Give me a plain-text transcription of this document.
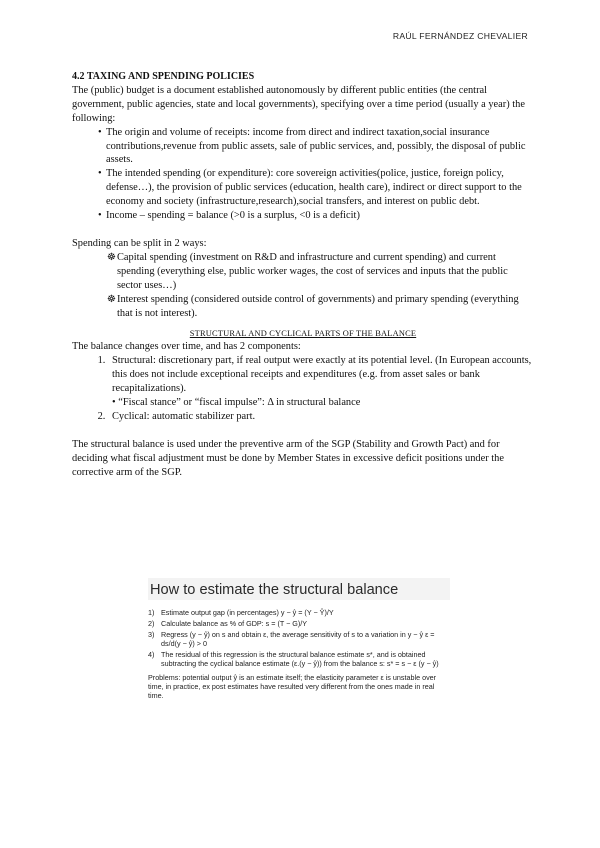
RAÚL FERNÁNDEZ CHEVALIER

4.2 TAXING AND SPENDING POLICIES

The (public) budget is a document established autonomously by different public entities (the central government, public agencies, state and local governments), specifying over a time period (usually a year) the following:

• The origin and volume of receipts: income from direct and indirect taxation,social insurance contributions,revenue from public assets, sale of public services, and, possibly, the disposal of public assets.
• The intended spending (or expenditure): core sovereign activities(police, justice, foreign policy, defense…), the provision of public services (education, health care), indirect or direct support to the economy and society (infrastructure,research),social transfers, and interest on public debt.
• Income – spending = balance (>0 is a surplus, <0 is a deficit)

Spending can be split in 2 ways:

☸ Capital spending (investment on R&D and infrastructure and current spending) and current spending (everything else, public worker wages, the cost of services and inputs that the public sector uses…)
☸ Interest spending (considered outside control of governments) and primary spending (everything that is not interest).

STRUCTURAL AND CYCLICAL PARTS OF THE BALANCE

The balance changes over time, and has 2 components:

1. Structural: discretionary part, if real output were exactly at its potential level. (In European accounts, this does not include exceptional receipts and expenditures (e.g. from asset sales or bank recapitalizations).

• “Fiscal stance” or “fiscal impulse”: Δ in structural balance

2. Cyclical: automatic stabilizer part.

The structural balance is used under the preventive arm of the SGP (Stability and Growth Pact) and for deciding what fiscal adjustment must be done by Member States in excessive deficit positions under the corrective arm of the SGP.

How to estimate the structural balance

1) Estimate output gap (in percentages) y − ŷ = (Y − Ŷ)/Y
2) Calculate balance as % of GDP: s = (T − G)/Y
3) Regress (y − ŷ) on s and obtain ε, the average sensitivity of s to a variation in y − ŷ ε = ds/d(y − ŷ) > 0
4) The residual of this regression is the structural balance estimate s*, and is obtained subtracting the cyclical balance estimate (ε.(y − ŷ)) from the balance s: s* = s − ε (y − ŷ)

Problems: potential output ŷ is an estimate itself; the elasticity parameter ε is unstable over time, in practice, ex post estimates have resulted very different from the ones made in real time.
